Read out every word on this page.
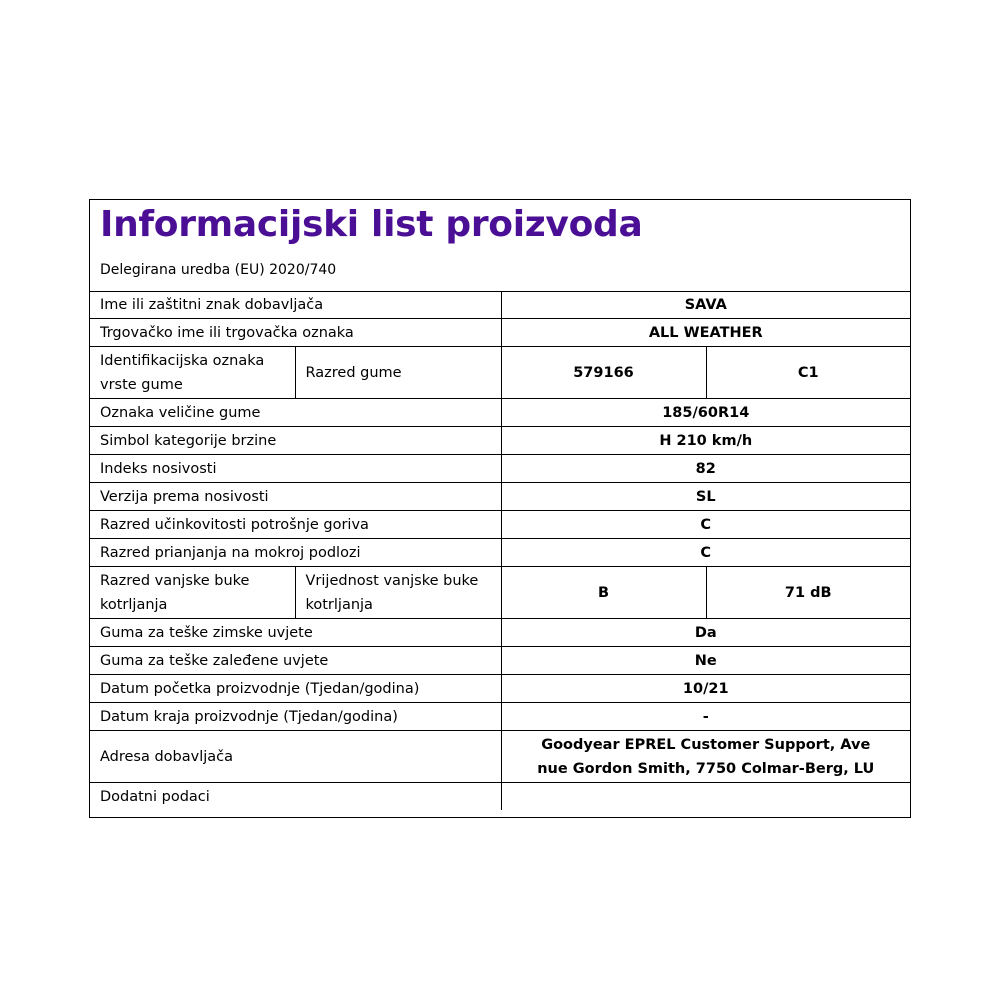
Informacijski list proizvoda
Delegirana uredba (EU) 2020/740
Ime ili zaštitni znak dobavljača		SAVA	
Trgovačko ime ili trgovačka oznaka		ALL WEATHER	
Identifikacijska oznaka vrste gume	Razred gume	579166	C1
Oznaka veličine gume		185/60R14	
Simbol kategorije brzine		H 210 km/h	
Indeks nosivosti		82	
Verzija prema nosivosti		SL	
Razred učinkovitosti potrošnje goriva		C	
Razred prianjanja na mokroj podlozi		C	
Razred vanjske buke kotrljanja	Vrijednost vanjske buke kotrljanja	B	71 dB
Guma za teške zimske uvjete		Da	
Guma za teške zaleđene uvjete		Ne	
Datum početka proizvodnje (Tjedan/godina)		10/21	
Datum kraja proizvodnje (Tjedan/godina)		-	
Adresa dobavljača		Goodyear EPREL Customer Support, Ave
nue Gordon Smith, 7750 Colmar-Berg, LU	
Dodatni podaci			
